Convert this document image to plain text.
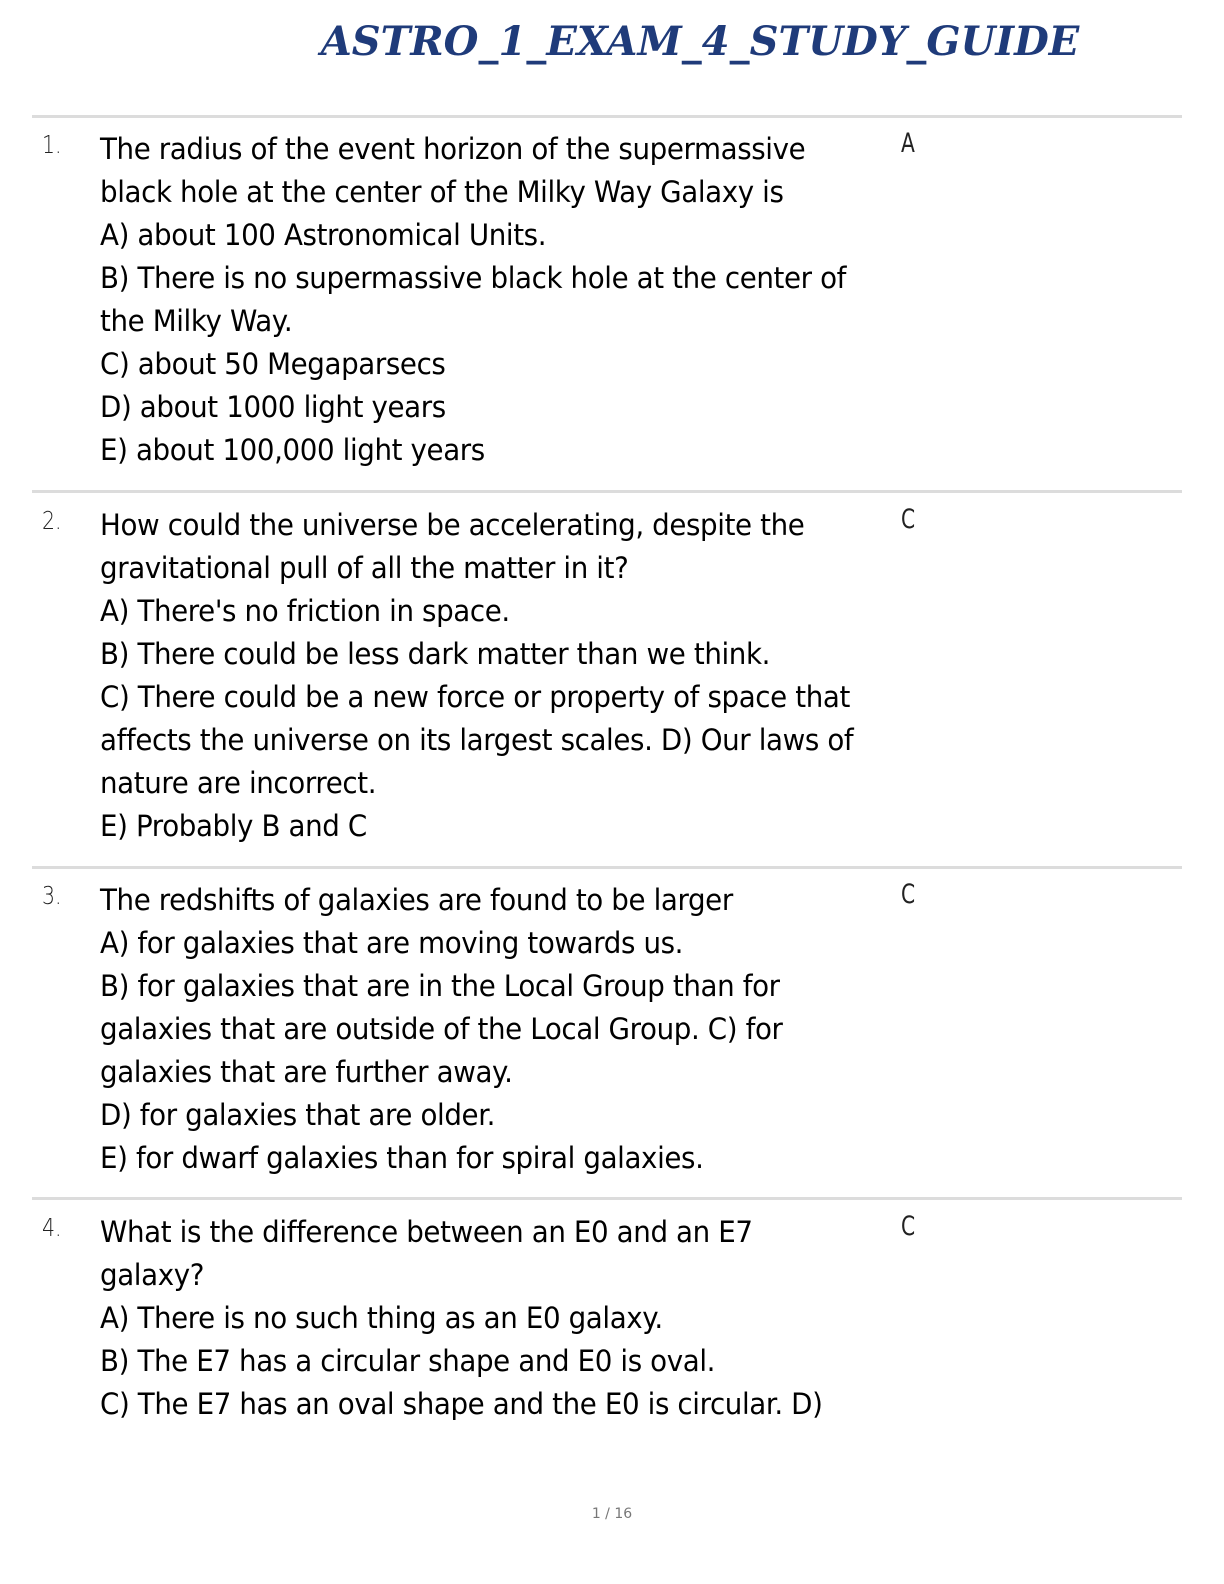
ASTRO_1_EXAM_4_STUDY_GUIDE
1. The radius of the event horizon of the supermassive
black hole at the center of the Milky Way Galaxy is
A) about 100 Astronomical Units.
B) There is no supermassive black hole at the center of
the Milky Way.
C) about 50 Megaparsecs
D) about 1000 light years
E) about 100,000 light years
A
2. How could the universe be accelerating, despite the
gravitational pull of all the matter in it?
A) There's no friction in space.
B) There could be less dark matter than we think.
C) There could be a new force or property of space that
affects the universe on its largest scales. D) Our laws of
nature are incorrect.
E) Probably B and C
C
3. The redshifts of galaxies are found to be larger
A) for galaxies that are moving towards us.
B) for galaxies that are in the Local Group than for
galaxies that are outside of the Local Group. C) for
galaxies that are further away.
D) for galaxies that are older.
E) for dwarf galaxies than for spiral galaxies.
C
4. What is the difference between an E0 and an E7
galaxy?
A) There is no such thing as an E0 galaxy.
B) The E7 has a circular shape and E0 is oval.
C) The E7 has an oval shape and the E0 is circular. D)
C
1 / 16
